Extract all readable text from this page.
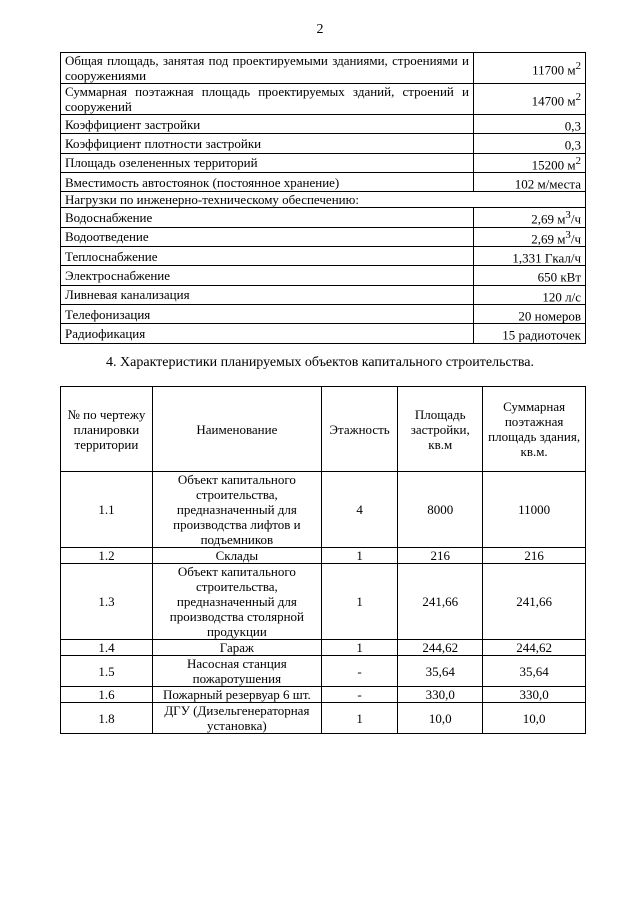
2
Общая площадь, занятая под проектируемыми зданиями, строениями и сооружениями	11700 $м^2$
Суммарная поэтажная площадь проектируемых зданий, строений и сооружений	14700 $м^2$
Коэффициент застройки	0,3
Коэффициент плотности застройки	0,3
Площадь озелененных территорий	15200 $м^2$
Вместимость автостоянок (постоянное хранение)	102 м/места
Нагрузки по инженерно-техническому обеспечению:	
Водоснабжение	2,69 $м^3/ч$
Водоотведение	2,69 $м^3/ч$
Теплоснабжение	1,331 Гкал/ч
Электроснабжение	650 кВт
Ливневая канализация	120 л/с
Телефонизация	20 номеров
Радиофикация	15 радиоточек
4. Характеристики планируемых объектов капитального строительства.
№ по чертежу планировки территории	Наименование	Этажность	Площадь застройки, кв.м	Суммарная поэтажная площадь здания, кв.м.
1.1	Объект капитального строительства, предназначенный для производства лифтов и подъемников	4	8000	11000
1.2	Склады	1	216	216
1.3	Объект капитального строительства, предназначенный для производства столярной продукции	1	241,66	241,66
1.4	Гараж	1	244,62	244,62
1.5	Насосная станция пожаротушения	-	35,64	35,64
1.6	Пожарный резервуар 6 шт.	-	330,0	330,0
1.8	ДГУ (Дизельгенераторная установка)	1	10,0	10,0
